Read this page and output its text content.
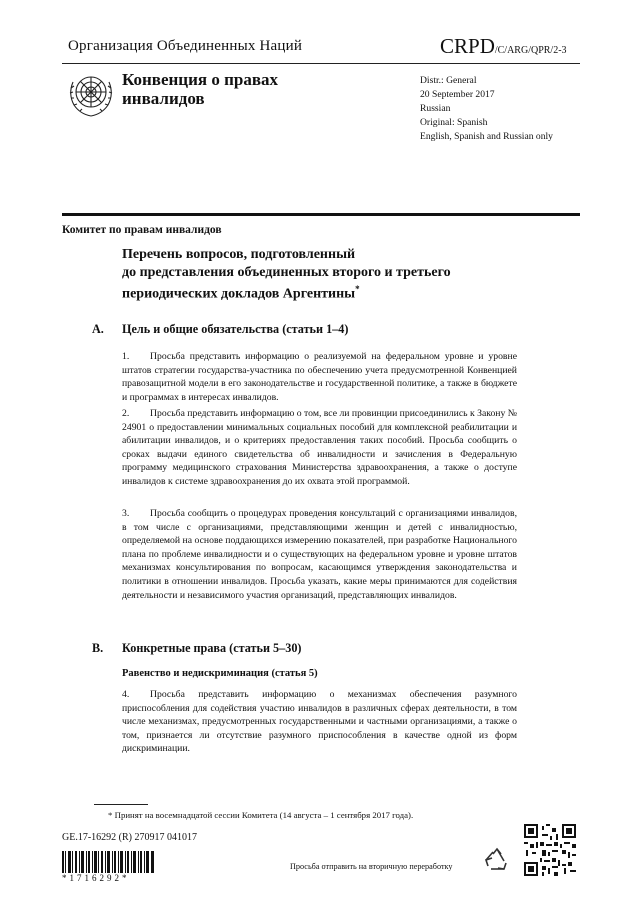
Организация Объединенных Наций	CRPD/C/ARG/QPR/2-3
Конвенция о правах
инвалидов
Distr.: General
20 September 2017
Russian
Original: Spanish
English, Spanish and Russian only
Комитет по правам инвалидов
Перечень вопросов, подготовленный
до представления объединенных второго и третьего
периодических докладов Аргентины*
A. Цель и общие обязательства (статьи 1–4)
1. Просьба представить информацию о реализуемой на федеральном уровне и уровне штатов стратегии государства-участника по обеспечению учета предусмотренной Конвенцией правозащитной модели в его законодательстве и государственной политике, а также в бюджете и программах в интересах инвалидов.
2. Просьба представить информацию о том, все ли провинции присоединились к Закону № 24901 о предоставлении минимальных социальных пособий для комплексной реабилитации и абилитации инвалидов, и о критериях предоставления таких пособий. Просьба сообщить о сроках выдачи единого свидетельства об инвалидности и зачисления в Федеральную программу медицинского страхования Министерства здравоохранения, а также о доступе инвалидов к системе здравоохранения до их охвата этой программой.
3. Просьба сообщить о процедурах проведения консультаций с организациями инвалидов, в том числе с организациями, представляющими женщин и детей с инвалидностью, определяемой на основе поддающихся измерению показателей, при разработке Национального плана по проблеме инвалидности и о существующих на федеральном уровне и уровне штатов механизмах консультирования по вопросам, касающимся утверждения законодательства и политики в отношении инвалидов. Просьба указать, какие меры принимаются для содействия деятельности и независимого участия организаций, представляющих инвалидов.
B. Конкретные права (статьи 5–30)
Равенство и недискриминация (статья 5)
4. Просьба представить информацию о механизмах обеспечения разумного приспособления для содействия участию инвалидов в различных сферах деятельности, в том числе механизмах, предусмотренных государственными и частными организациями, а также о том, признается ли отсутствие разумного приспособления в качестве одной из форм дискриминации.
* Принят на восемнадцатой сессии Комитета (14 августа – 1 сентября 2017 года).
GE.17-16292 (R) 270917 041017
*1716292*
Просьба отправить на вторичную переработку
